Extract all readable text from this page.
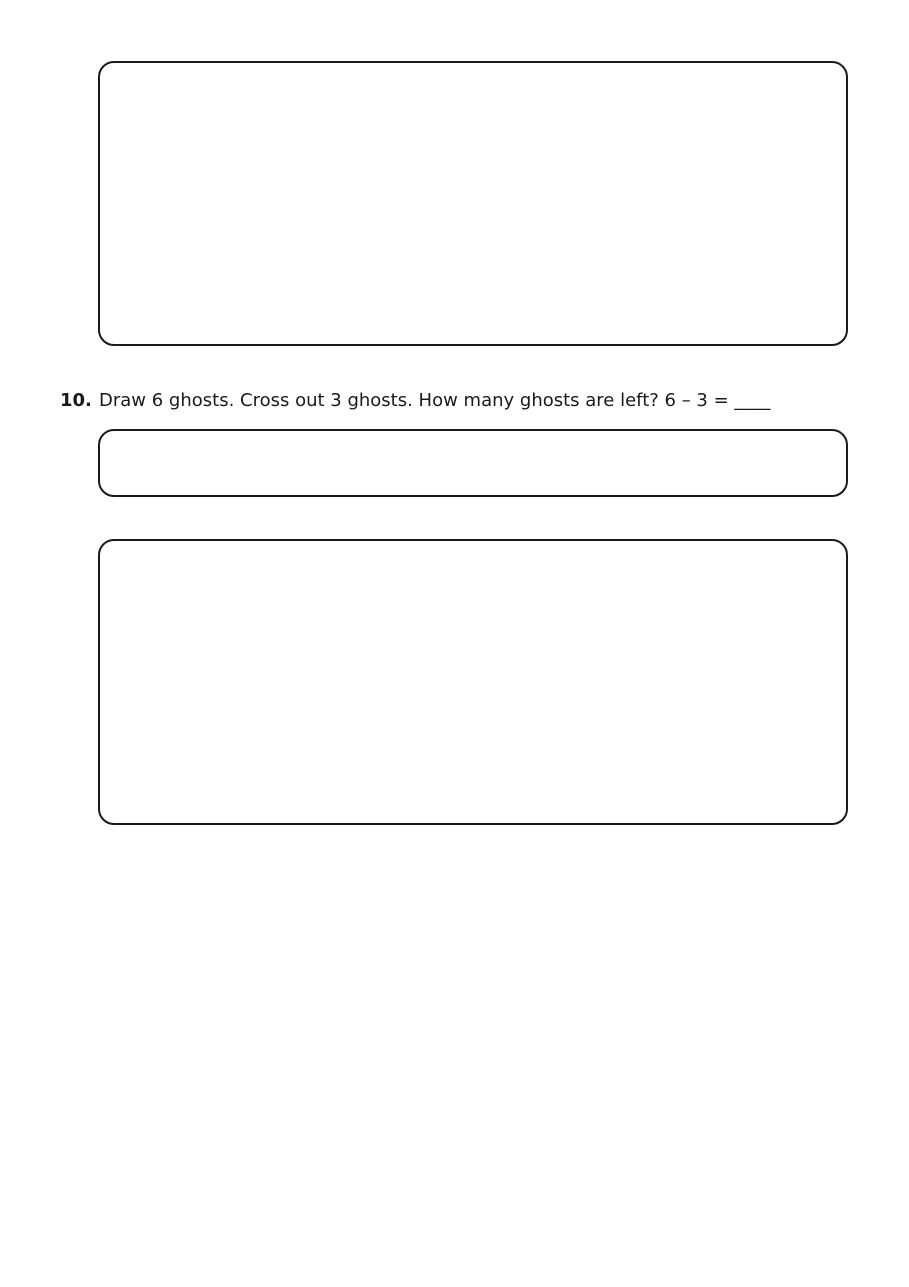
10. Draw 6 ghosts. Cross out 3 ghosts. How many ghosts are left? 6 – 3 = ____
